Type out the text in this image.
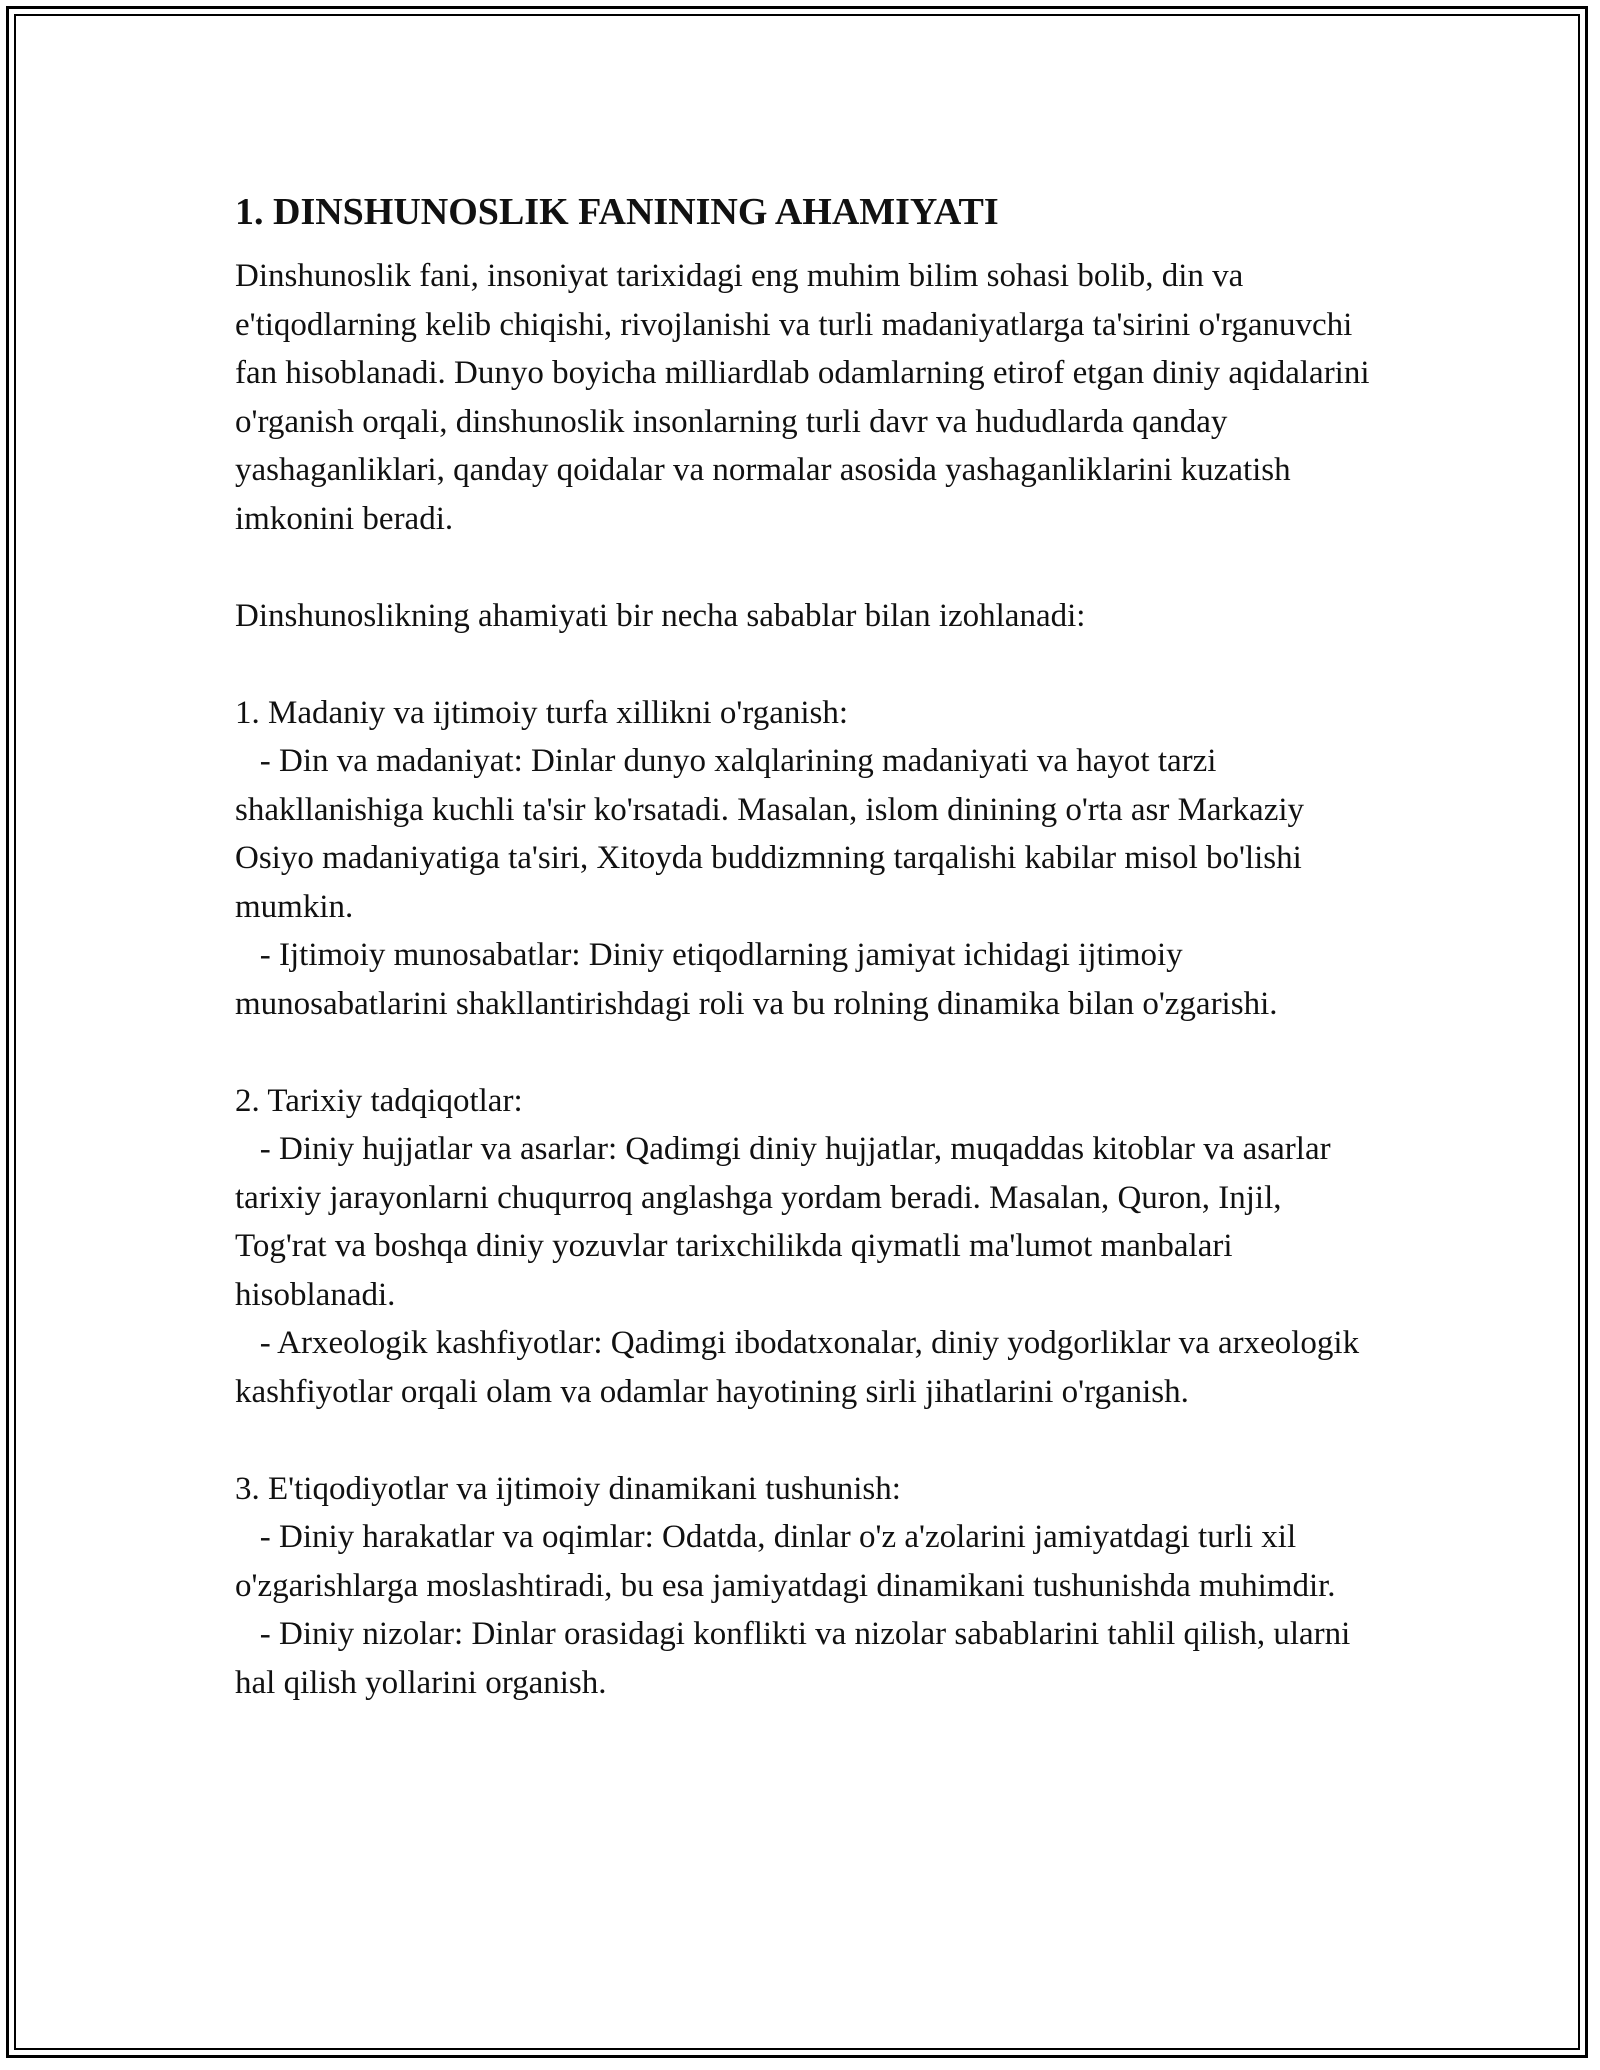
1. DINSHUNOSLIK FANINING AHAMIYATI

Dinshunoslik fani, insoniyat tarixidagi eng muhim bilim sohasi bolib, din va e'tiqodlarning kelib chiqishi, rivojlanishi va turli madaniyatlarga ta'sirini o'rganuvchi fan hisoblanadi. Dunyo boyicha milliardlab odamlarning etirof etgan diniy aqidalarini o'rganish orqali, dinshunoslik insonlarning turli davr va hududlarda qanday yashaganliklari, qanday qoidalar va normalar asosida yashaganliklarini kuzatish imkonini beradi.

Dinshunoslikning ahamiyati bir necha sabablar bilan izohlanadi:

1. Madaniy va ijtimoiy turfa xillikni o'rganish:

- Din va madaniyat: Dinlar dunyo xalqlarining madaniyati va hayot tarzi shakllanishiga kuchli ta'sir ko'rsatadi. Masalan, islom dinining o'rta asr Markaziy Osiyo madaniyatiga ta'siri, Xitoyda buddizmning tarqalishi kabilar misol bo'lishi mumkin.

- Ijtimoiy munosabatlar: Diniy etiqodlarning jamiyat ichidagi ijtimoiy munosabatlarini shakllantirishdagi roli va bu rolning dinamika bilan o'zgarishi.

2. Tarixiy tadqiqotlar:

- Diniy hujjatlar va asarlar: Qadimgi diniy hujjatlar, muqaddas kitoblar va asarlar tarixiy jarayonlarni chuqurroq anglashga yordam beradi. Masalan, Quron, Injil, Tog'rat va boshqa diniy yozuvlar tarixchilikda qiymatli ma'lumot manbalari hisoblanadi.

- Arxeologik kashfiyotlar: Qadimgi ibodatxonalar, diniy yodgorliklar va arxeologik kashfiyotlar orqali olam va odamlar hayotining sirli jihatlarini o'rganish.

3. E'tiqodiyotlar va ijtimoiy dinamikani tushunish:

- Diniy harakatlar va oqimlar: Odatda, dinlar o'z a'zolarini jamiyatdagi turli xil o'zgarishlarga moslashtiradi, bu esa jamiyatdagi dinamikani tushunishda muhimdir.

- Diniy nizolar: Dinlar orasidagi konflikti va nizolar sabablarini tahlil qilish, ularni hal qilish yollarini organish.
